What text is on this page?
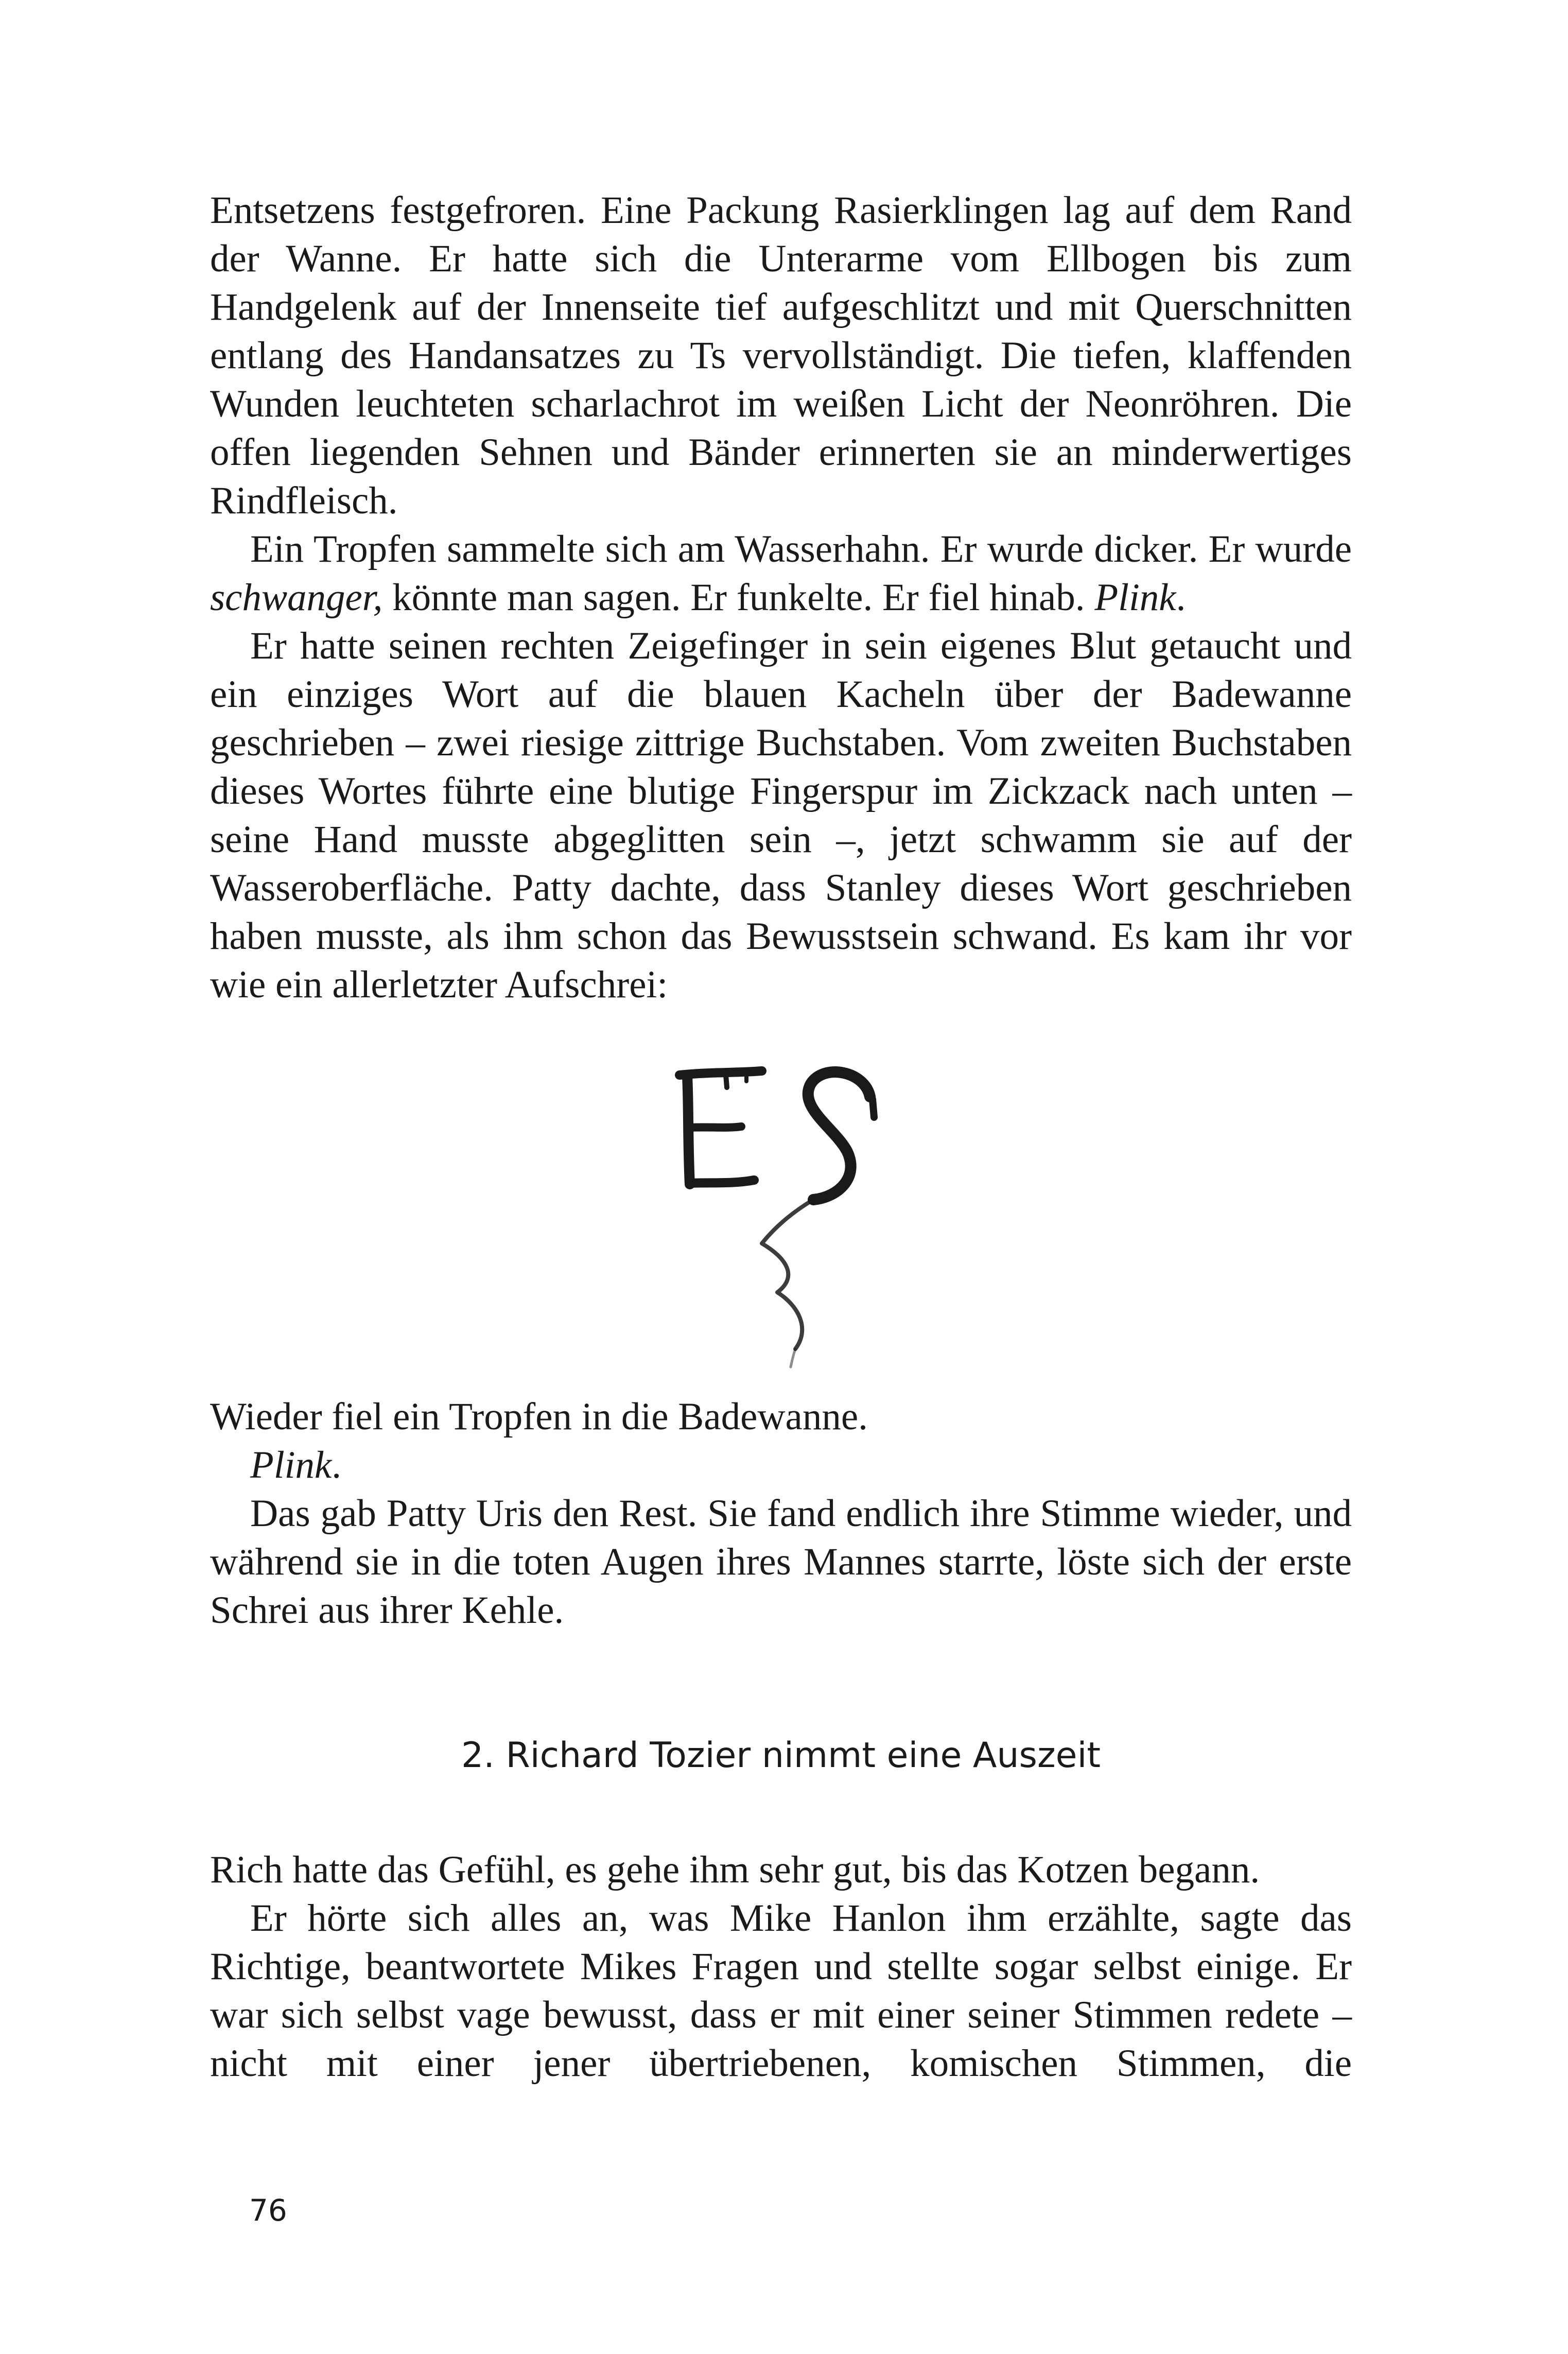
Entsetzens festgefroren. Eine Packung Rasierklingen lag auf dem Rand der Wanne. Er hatte sich die Unterarme vom Ellbogen bis zum Handgelenk auf der Innenseite tief aufgeschlitzt und mit Querschnitten entlang des Handansatzes zu Ts vervollständigt. Die tiefen, klaffenden Wunden leuchteten scharlachrot im weißen Licht der Neonröhren. Die offen liegenden Sehnen und Bänder erinnerten sie an minderwertiges Rindfleisch.

Ein Tropfen sammelte sich am Wasserhahn. Er wurde dicker. Er wurde schwanger, könnte man sagen. Er funkelte. Er fiel hinab. Plink.

Er hatte seinen rechten Zeigefinger in sein eigenes Blut getaucht und ein einziges Wort auf die blauen Kacheln über der Badewanne geschrieben – zwei riesige zittrige Buchstaben. Vom zweiten Buchstaben dieses Wortes führte eine blutige Fingerspur im Zickzack nach unten – seine Hand musste abgeglitten sein –, jetzt schwamm sie auf der Wasseroberfläche. Patty dachte, dass Stanley dieses Wort geschrieben haben musste, als ihm schon das Bewusstsein schwand. Es kam ihr vor wie ein allerletzter Aufschrei:

Wieder fiel ein Tropfen in die Badewanne.

Plink.

Das gab Patty Uris den Rest. Sie fand endlich ihre Stimme wieder, und während sie in die toten Augen ihres Mannes starrte, löste sich der erste Schrei aus ihrer Kehle.

2. Richard Tozier nimmt eine Auszeit

Rich hatte das Gefühl, es gehe ihm sehr gut, bis das Kotzen begann.

Er hörte sich alles an, was Mike Hanlon ihm erzählte, sagte das Richtige, beantwortete Mikes Fragen und stellte sogar selbst einige. Er war sich selbst vage bewusst, dass er mit einer seiner Stimmen redete – nicht mit einer jener übertriebenen, komischen Stimmen, die

76
